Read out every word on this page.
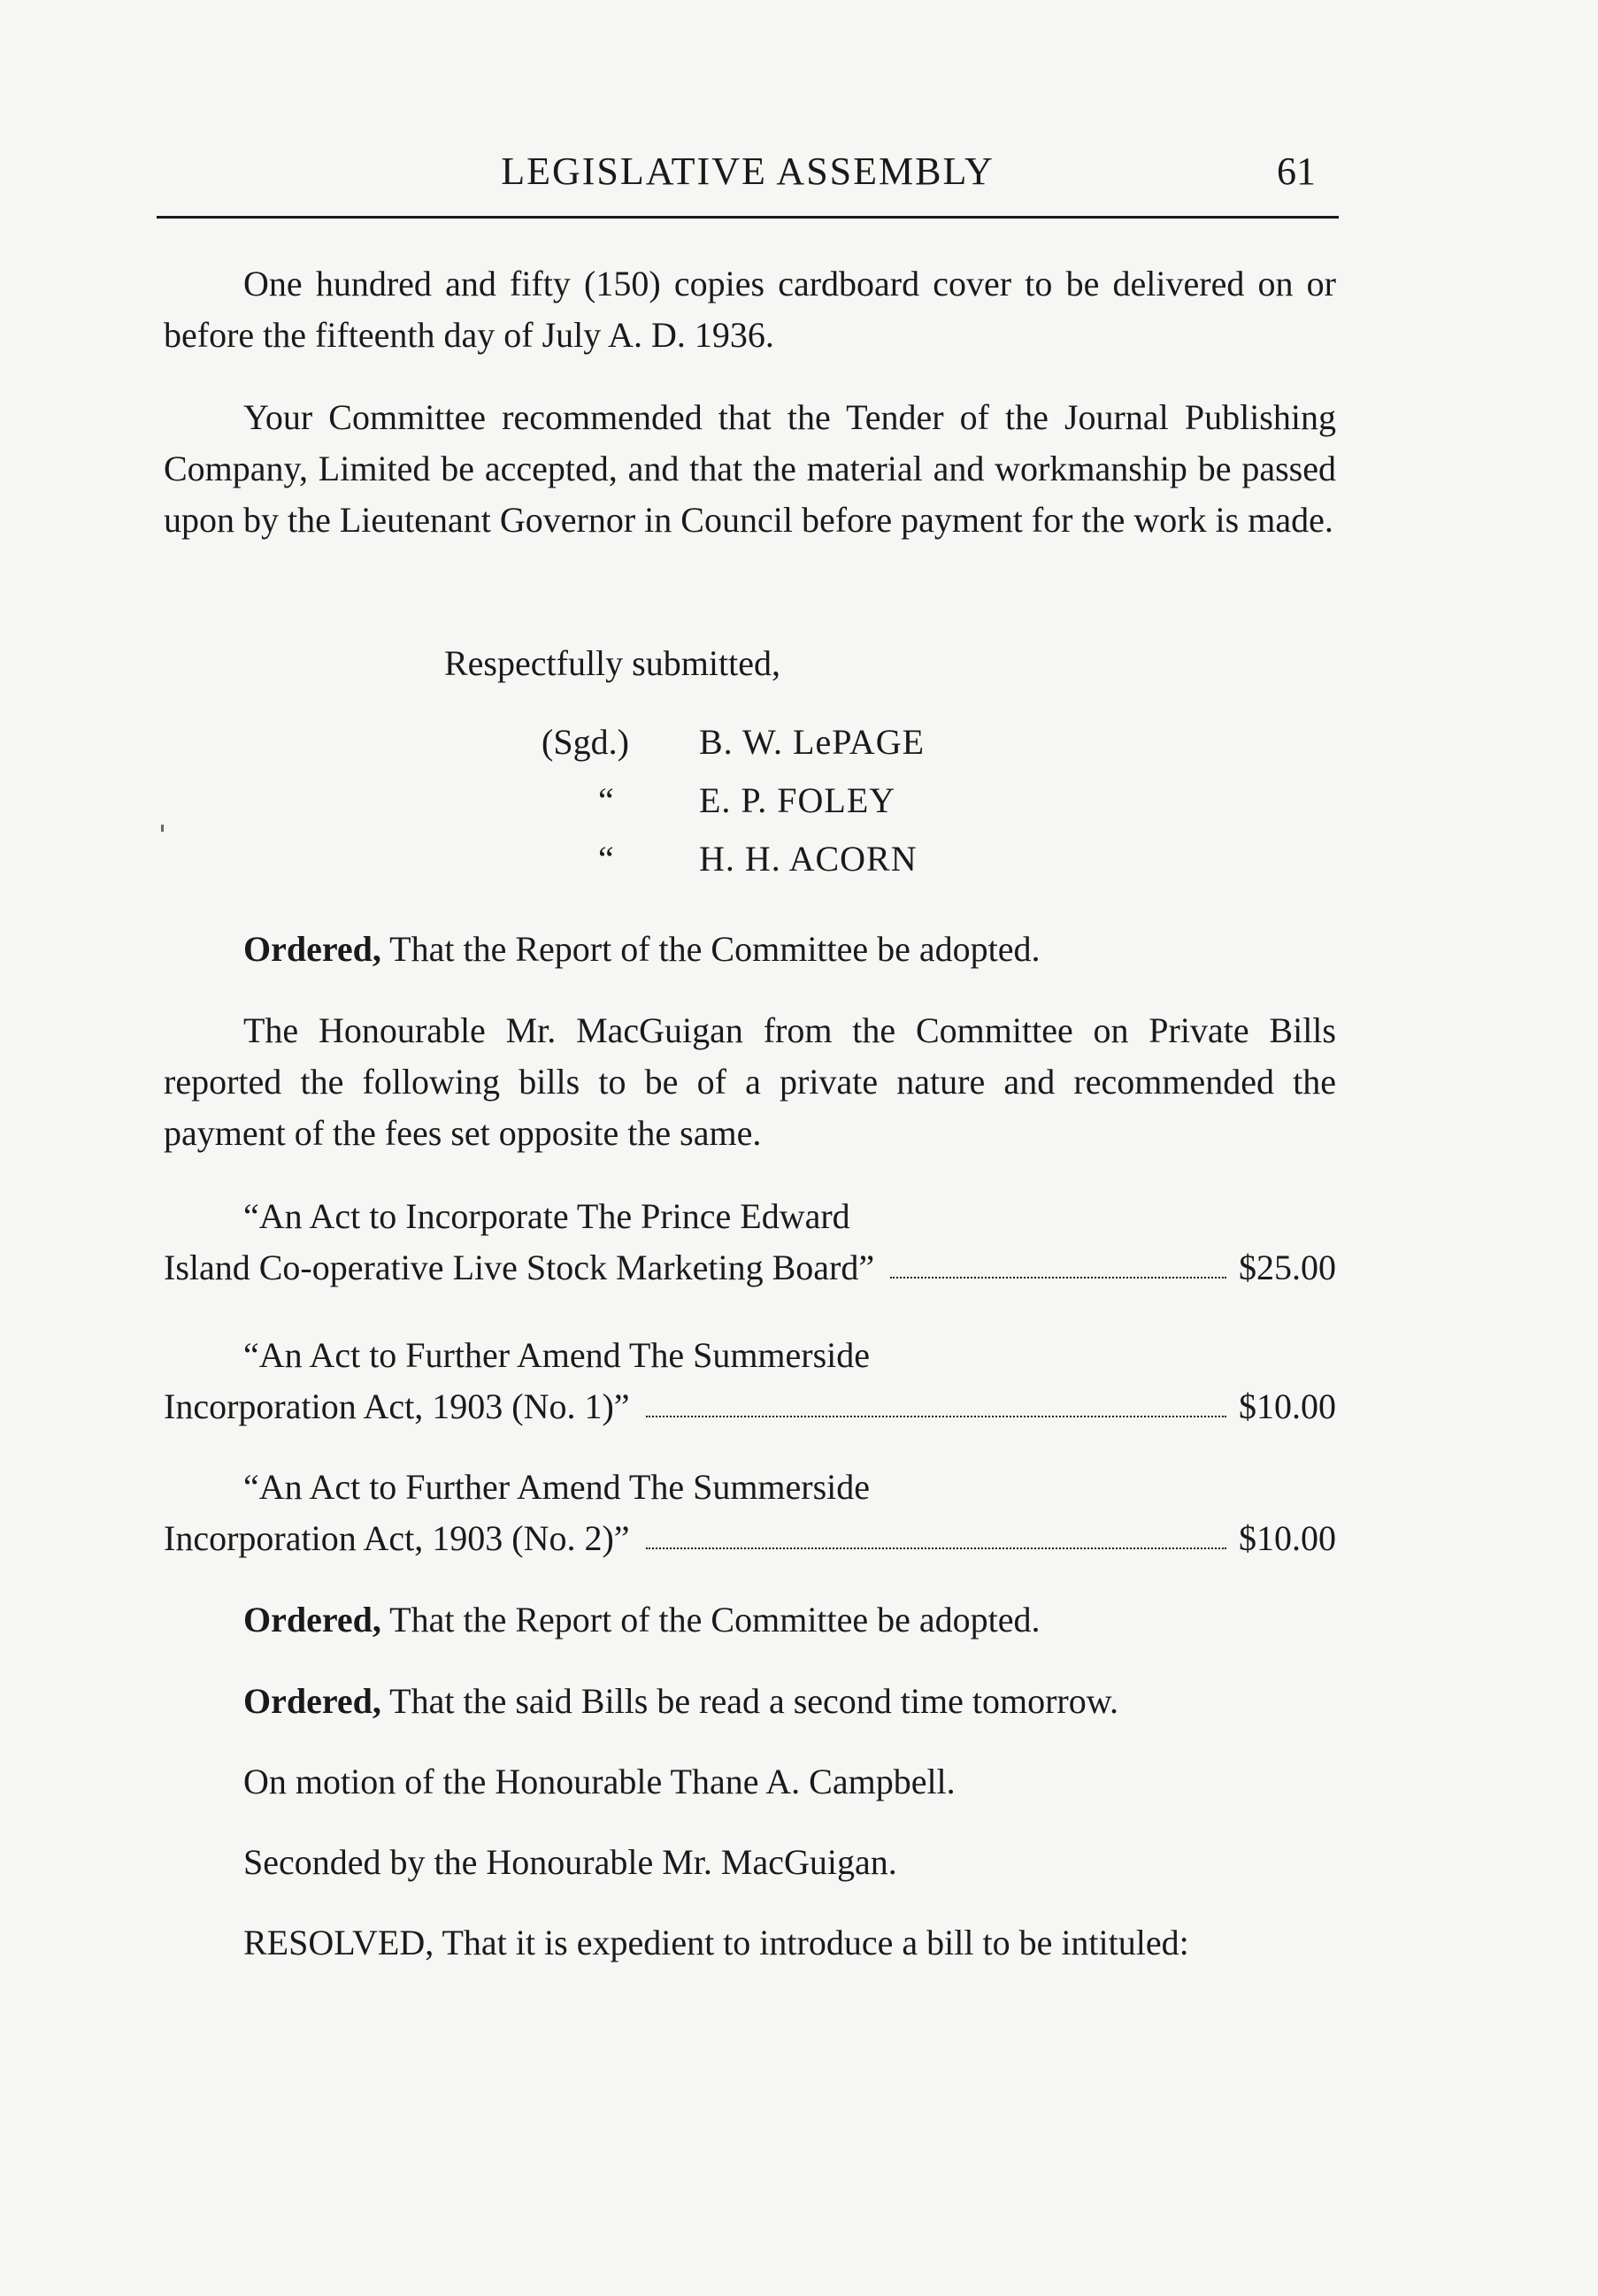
LEGISLATIVE ASSEMBLY	61

One hundred and fifty (150) copies cardboard cover to be delivered on or before the fifteenth day of July A. D. 1936.

Your Committee recommended that the Tender of the Journal Publishing Company, Limited be accepted, and that the material and workmanship be passed upon by the Lieutenant Governor in Council before payment for the work is made.

Respectfully submitted,
(Sgd.) B. W. LePAGE
“ E. P. FOLEY
“ H. H. ACORN

Ordered, That the Report of the Committee be adopted.

The Honourable Mr. MacGuigan from the Committee on Private Bills reported the following bills to be of a private nature and recommended the payment of the fees set opposite the same.

“An Act to Incorporate The Prince Edward
Island Co-operative Live Stock Marketing Board”	$25.00
“An Act to Further Amend The Summerside
Incorporation Act, 1903 (No. 1)”	$10.00
“An Act to Further Amend The Summerside
Incorporation Act, 1903 (No. 2)”	$10.00

Ordered, That the Report of the Committee be adopted.

Ordered, That the said Bills be read a second time tomorrow.

On motion of the Honourable Thane A. Campbell.

Seconded by the Honourable Mr. MacGuigan.

RESOLVED, That it is expedient to introduce a bill to be intituled:
